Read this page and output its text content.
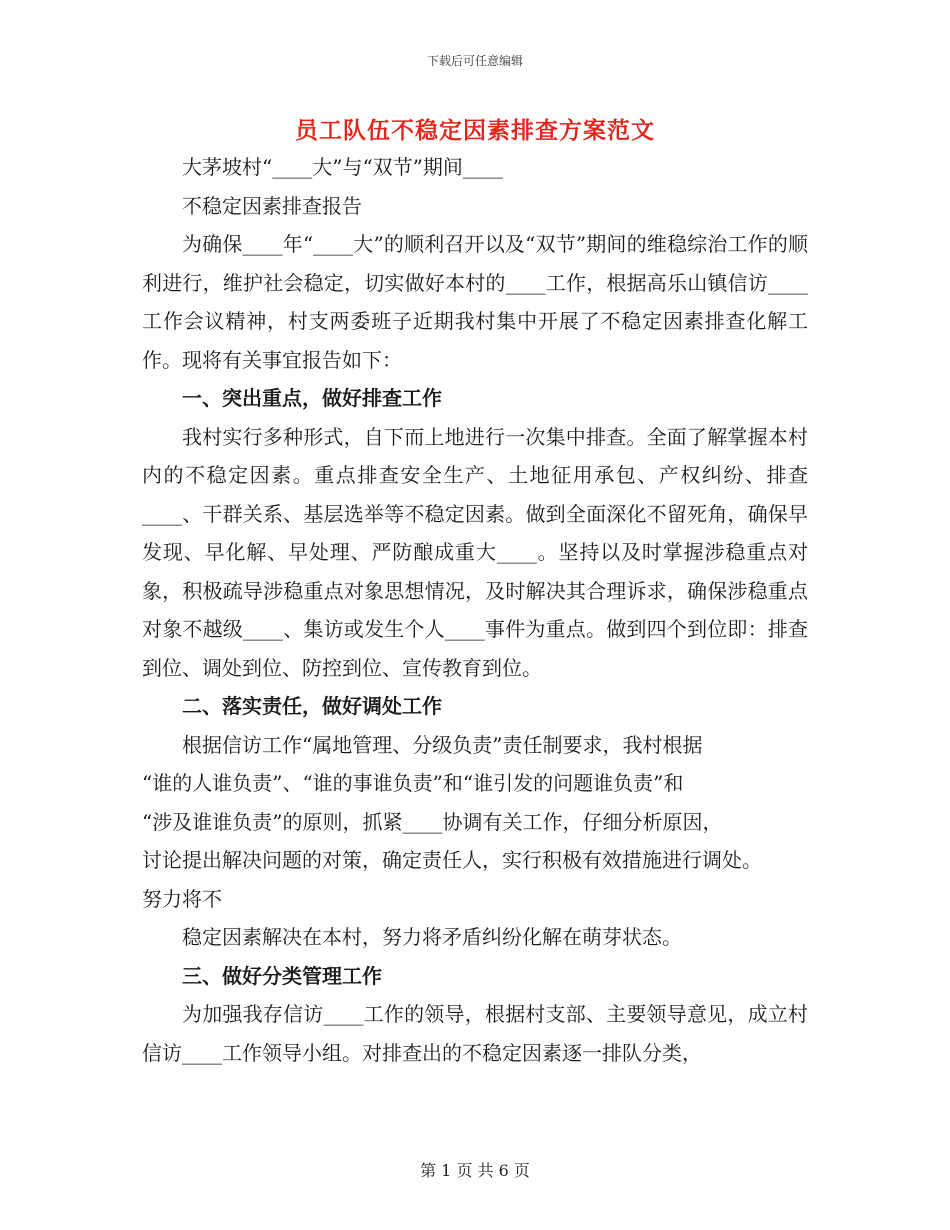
下载后可任意编辑
员工队伍不稳定因素排查方案范文

大茅坡村“____大”与“双节”期间____

不稳定因素排查报告

为确保____年“____大”的顺利召开以及“双节”期间的维稳综治工作的顺利进行，维护社会稳定，切实做好本村的____工作，根据高乐山镇信访____工作会议精神，村支两委班子近期我村集中开展了不稳定因素排查化解工作。现将有关事宜报告如下：

一、突出重点，做好排查工作

我村实行多种形式，自下而上地进行一次集中排查。全面了解掌握本村内的不稳定因素。重点排查安全生产、土地征用承包、产权纠纷、排查____、干群关系、基层选举等不稳定因素。做到全面深化不留死角，确保早发现、早化解、早处理、严防酿成重大____。坚持以及时掌握涉稳重点对象，积极疏导涉稳重点对象思想情况，及时解决其合理诉求，确保涉稳重点对象不越级____、集访或发生个人____事件为重点。做到四个到位即：排查到位、调处到位、防控到位、宣传教育到位。

二、落实责任，做好调处工作

根据信访工作“属地管理、分级负责”责任制要求，我村根据

“谁的人谁负责”、“谁的事谁负责”和“谁引发的问题谁负责”和

“涉及谁谁负责”的原则，抓紧____协调有关工作，仔细分析原因，

讨论提出解决问题的对策，确定责任人，实行积极有效措施进行调处。

努力将不

稳定因素解决在本村，努力将矛盾纠纷化解在萌芽状态。

三、做好分类管理工作

为加强我存信访____工作的领导，根据村支部、主要领导意见，成立村信访____工作领导小组。对排查出的不稳定因素逐一排队分类，

第 1 页 共 6 页
